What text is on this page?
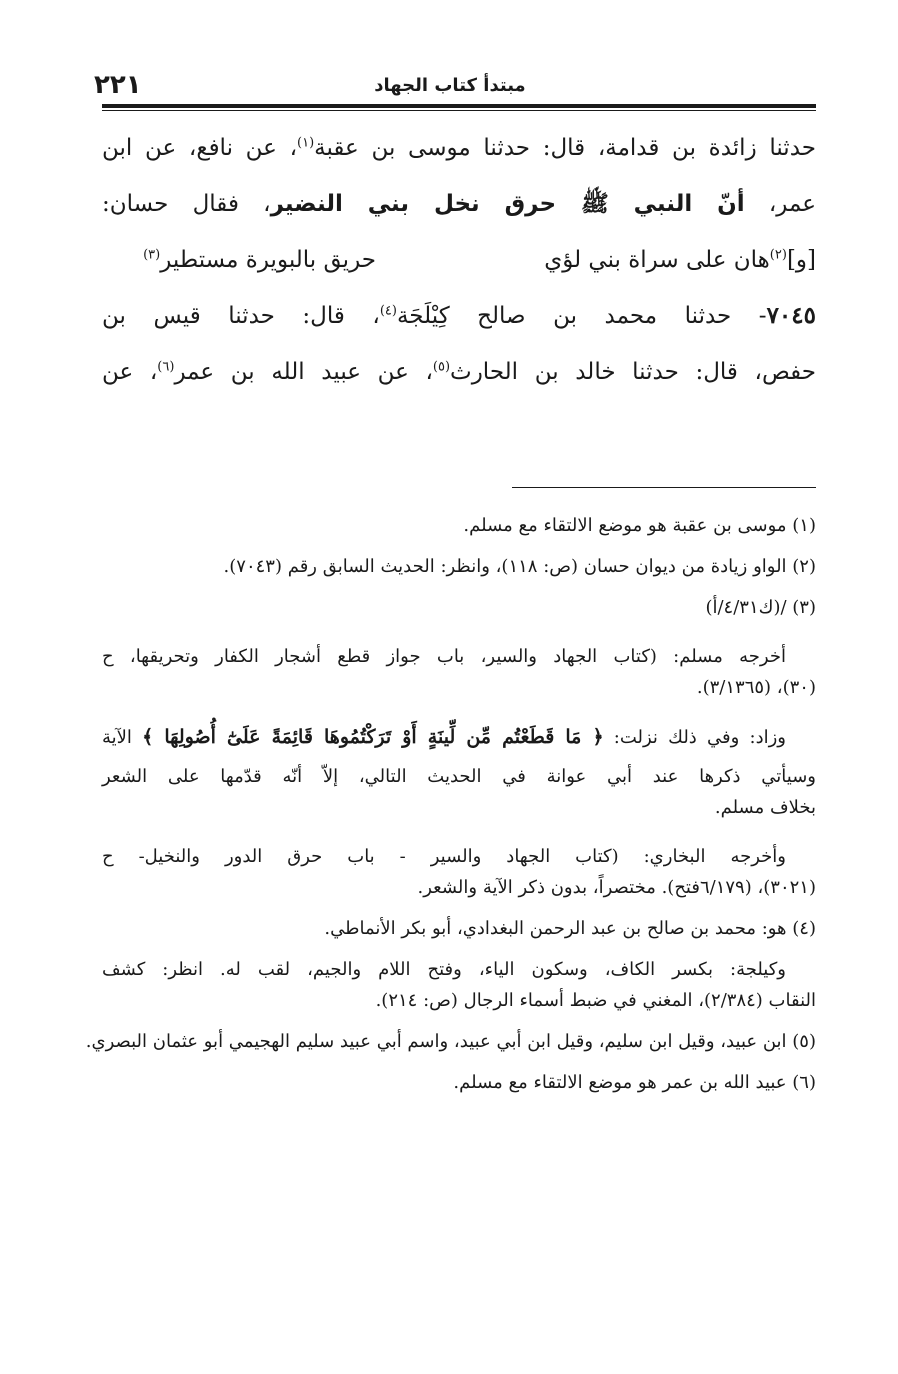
٢٢١	مبتدأ كتاب الجهاد
حدثنا زائدة بن قدامة، قال: حدثنا موسى بن عقبة$^{(١)}$، عن نافع، عن ابن
عمر، أنّ النبي ﷺ حرق نخل بني النضير، فقال حسان:
[و]$^{(٢)}$هان على سراة بني لؤي
حريق بالبويرة مستطير$^{(٣)}$
٧٠٤٥- حدثنا محمد بن صالح كِيْلَجَة$^{(٤)}$، قال: حدثنا قيس بن
حفص، قال: حدثنا خالد بن الحارث$^{(٥)}$، عن عبيد الله بن عمر$^{(٦)}$، عن
(١) موسى بن عقبة هو موضع الالتقاء مع مسلم.
(٢) الواو زيادة من ديوان حسان (ص: ١١٨)، وانظر: الحديث السابق رقم (٧٠٤٣).
(٣) /(ك٤/٣١/أ)
أخرجه مسلم: (كتاب الجهاد والسير، باب جواز قطع أشجار الكفار وتحريقها، ح
(٣٠)، (٣/١٣٦٥).
وزاد: وفي ذلك نزلت: ﴿ مَا قَطَعْتُم مِّن لِّينَةٍ أَوْ تَرَكْتُمُوهَا قَائِمَةً عَلَىٰٓ أُصُولِهَا ﴾ الآية
وسيأتي ذكرها عند أبي عوانة في الحديث التالي، إلاّ أنّه قدّمها على الشعر
بخلاف مسلم.
وأخرجه البخاري: (كتاب الجهاد والسير - باب حرق الدور والنخيل- ح
(٣٠٢١)، (٦/١٧٩فتح). مختصراً، بدون ذكر الآية والشعر.
(٤) هو: محمد بن صالح بن عبد الرحمن البغدادي، أبو بكر الأنماطي.
وكيلجة: بكسر الكاف، وسكون الياء، وفتح اللام والجيم، لقب له. انظر: كشف
النقاب (٢/٣٨٤)، المغني في ضبط أسماء الرجال (ص: ٢١٤).
(٥) ابن عبيد، وقيل ابن سليم، وقيل ابن أبي عبيد، واسم أبي عبيد سليم الهجيمي أبو عثمان البصري.
(٦) عبيد الله بن عمر هو موضع الالتقاء مع مسلم.
